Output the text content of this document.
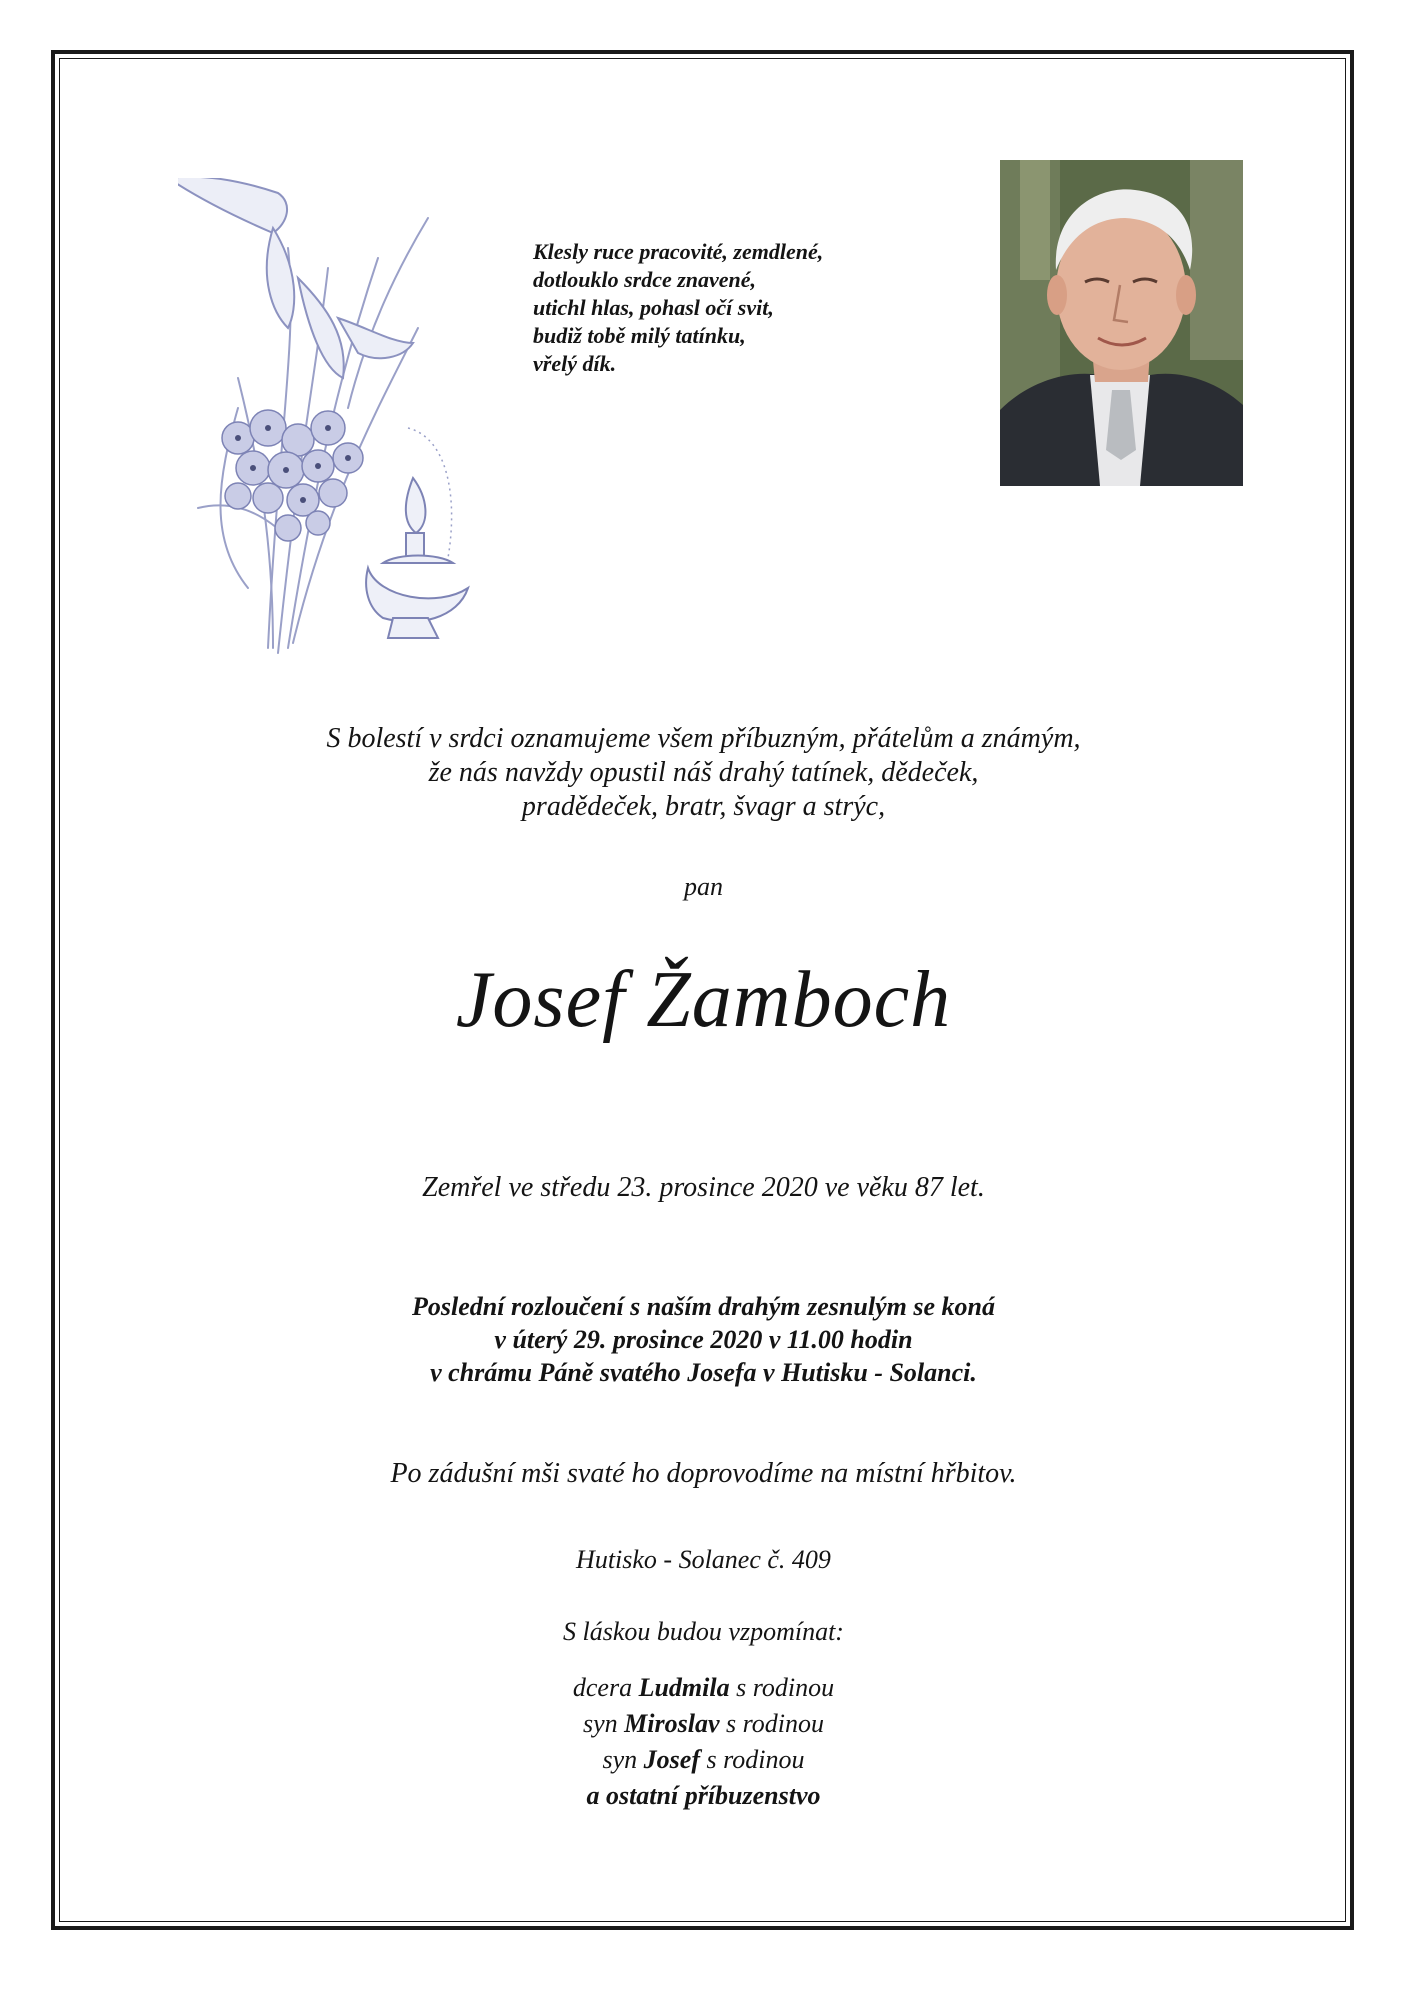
Klesly ruce pracovité, zemdlené,
dotlouklo srdce znavené,
utichl hlas, pohasl očí svit,
budiž tobě milý tatínku,
vřelý dík.
S bolestí v srdci oznamujeme všem příbuzným, přátelům a známým,
že nás navždy opustil náš drahý tatínek, dědeček,
pradědeček, bratr, švagr a strýc,
pan
Josef Žamboch
Zemřel ve středu 23. prosince 2020 ve věku 87 let.
Poslední rozloučení s naším drahým zesnulým se koná
v úterý 29. prosince 2020 v 11.00 hodin
v chrámu Páně svatého Josefa v Hutisku - Solanci.
Po zádušní mši svaté ho doprovodíme na místní hřbitov.
Hutisko - Solanec č. 409
S láskou budou vzpomínat:
dcera Ludmila s rodinou
syn Miroslav s rodinou
syn Josef s rodinou
a ostatní příbuzenstvo
